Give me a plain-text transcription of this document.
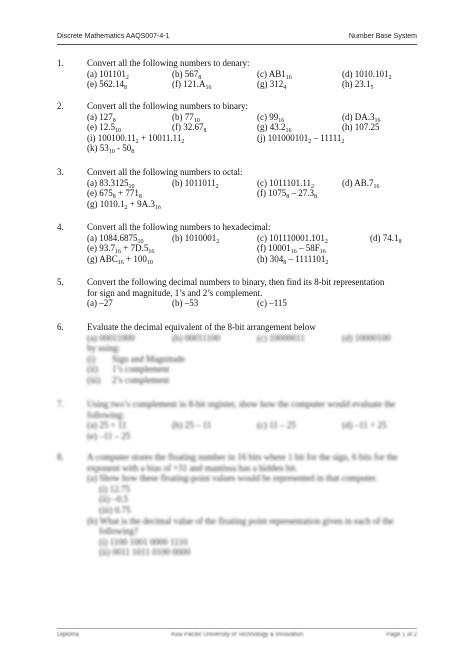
Discrete Mathematics AAQS007-4-1	Number Base System
1.	Convert all the following numbers to denary:
(a) $101101_2$	(b) $567_8$	(c) $AB1_{16}$	(d) $1010.101_2$
(e) $562.14_8$	(f) $121.A_{16}$	(g) $312_4$	(h) $23.1_5$
2.	Convert all the following numbers to binary:
(a) $127_8$	(b) $77_{10}$	(c) $99_{16}$	(d) $DA.3_{16}$
(e) $12.5_{10}$	(f) $32.67_8$	(g) $43.2_{16}$	(h) 107.25
(i) $100100.11_2 + 10011.11_2$	(j) $101000101_2 - 11111_2$
(k) $53_{10} - 50_8$
3.	Convert all the following numbers to octal:
(a) $83.3125_{10}$	(b) $1011011_2$	(c) $1011101.11_2$	(d) $AB.7_{16}$
(e) $675_8 + 771_8$	(f) $1075_8 - 27.3_8$
(g) $1010.1_2 + 9A.3_{16}$
4.	Convert all the following numbers to hexadecimal:
(a) $1084.6875_{10}$	(b) $1010001_2$	(c) $101110001.101_2$	(d) $74.1_8$
(e) $93.7_{16} + 7D.5_{16}$	(f) $10001_{16} - 58F_{16}$
(g) $ABC_{16} + 100_{10}$	(h) $304_8 - 1111101_2$
5.	Convert the following decimal numbers to binary, then find its 8-bit representation
for sign and magnitude, 1’s and 2’s complement.
(a) –27	(b) –53	(c) –115
6.	Evaluate the decimal equivalent of the 8-bit arrangement below
(a) 00011000	(b) 00011100	(c) 10000011	(d) 10000100
by using:
(i) Sign and Magnitude
(ii) 1’s complement
(iii) 2’s complement
7.	Using two’s complement in 8-bit register, show how the computer would evaluate the
following:
(a) 25 + 11	(b) 25 – 11	(c) 11 – 25	(d) –11 + 25
(e) –11 – 25
8.	A computer stores the floating number in 16 bits where 1 bit for the sign, 6 bits for the
exponent with a bias of +31 and mantissa has a hidden bit.
(a) Show how these floating-point values would be represented in that computer.
(i) 12.75
(ii) –0.5
(iii) 0.75
(b) What is the decimal value of the floating point representation given in each of the
following?
(i) 1100 1001 0000 1110
(ii) 0011 1011 0100 0000
Diploma	Asia Pacific University of Technology & Innovation	Page 1 of 2
